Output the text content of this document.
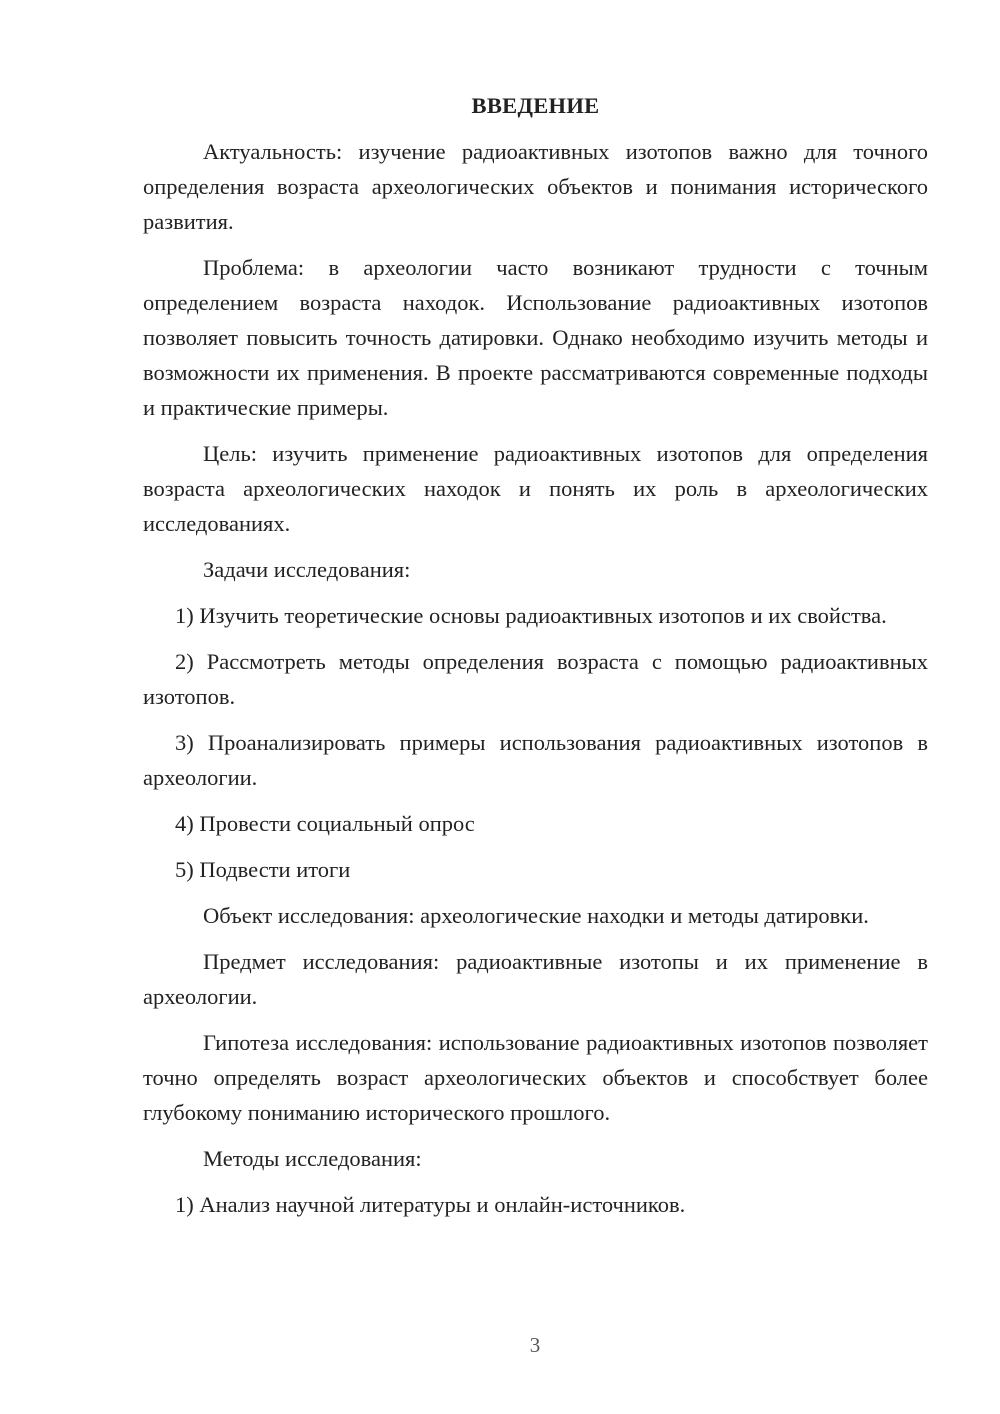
ВВЕДЕНИЕ

Актуальность: изучение радиоактивных изотопов важно для точного определения возраста археологических объектов и понимания исторического развития.

Проблема: в археологии часто возникают трудности с точным определением возраста находок. Использование радиоактивных изотопов позволяет повысить точность датировки. Однако необходимо изучить методы и возможности их применения. В проекте рассматриваются современные подходы и практические примеры.

Цель: изучить применение радиоактивных изотопов для определения возраста археологических находок и понять их роль в археологических исследованиях.

Задачи исследования:

1) Изучить теоретические основы радиоактивных изотопов и их свойства.

2) Рассмотреть методы определения возраста с помощью радиоактивных изотопов.

3) Проанализировать примеры использования радиоактивных изотопов в археологии.

4) Провести социальный опрос

5) Подвести итоги

Объект исследования: археологические находки и методы датировки.

Предмет исследования: радиоактивные изотопы и их применение в археологии.

Гипотеза исследования: использование радиоактивных изотопов позволяет точно определять возраст археологических объектов и способствует более глубокому пониманию исторического прошлого.

Методы исследования:

1) Анализ научной литературы и онлайн-источников.

3
